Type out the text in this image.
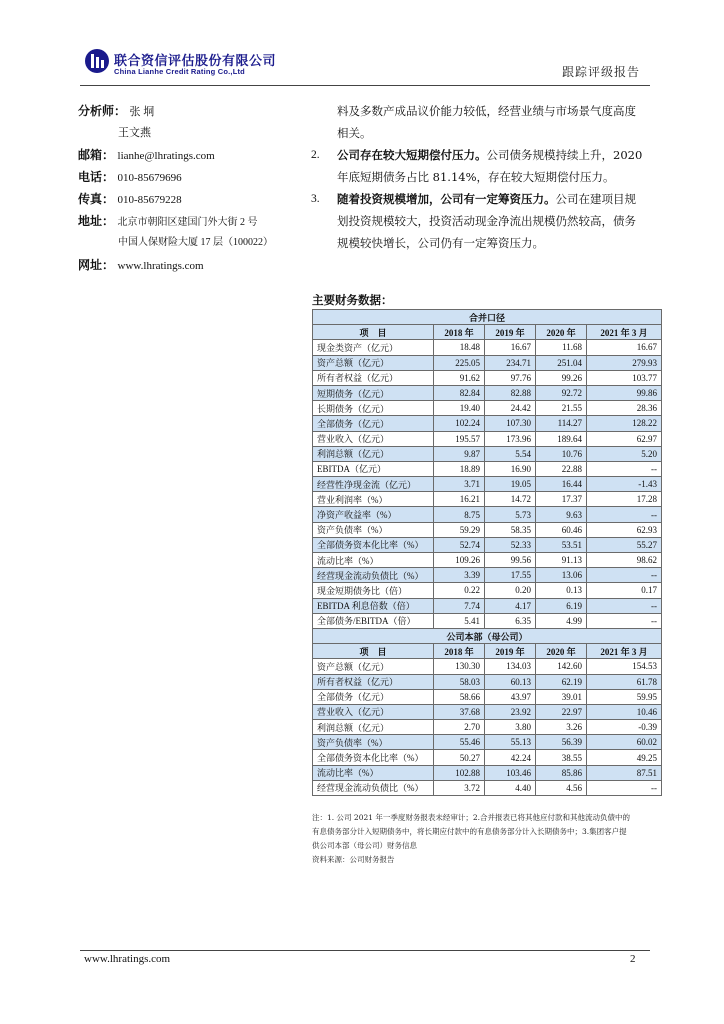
联合资信评估股份有限公司
China Lianhe Credit Rating Co.,Ltd	跟踪评级报告
分析师： 张 垌
王文燕
邮箱： lianhe@lhratings.com
电话： 010-85679696
传真： 010-85679228
地址： 北京市朝阳区建国门外大街 2 号
中国人保财险大厦 17 层（100022）
网址： www.lhratings.com
料及多数产成品议价能力较低，经营业绩与市场景气度高度相关。
2. 公司存在较大短期偿付压力。公司债务规模持续上升，2020 年底短期债务占比 81.14%，存在较大短期偿付压力。
3. 随着投资规模增加，公司有一定筹资压力。公司在建项目规划投资规模较大，投资活动现金净流出规模仍然较高，债务规模较快增长，公司仍有一定筹资压力。
主要财务数据：
合并口径				
项　目	2018 年	2019 年	2020 年	2021 年 3 月
现金类资产（亿元）	18.48	16.67	11.68	16.67
资产总额（亿元）	225.05	234.71	251.04	279.93
所有者权益（亿元）	91.62	97.76	99.26	103.77
短期债务（亿元）	82.84	82.88	92.72	99.86
长期债务（亿元）	19.40	24.42	21.55	28.36
全部债务（亿元）	102.24	107.30	114.27	128.22
营业收入（亿元）	195.57	173.96	189.64	62.97
利润总额（亿元）	9.87	5.54	10.76	5.20
EBITDA（亿元）	18.89	16.90	22.88	--
经营性净现金流（亿元）	3.71	19.05	16.44	-1.43
营业利润率（%）	16.21	14.72	17.37	17.28
净资产收益率（%）	8.75	5.73	9.63	--
资产负债率（%）	59.29	58.35	60.46	62.93
全部债务资本化比率（%）	52.74	52.33	53.51	55.27
流动比率（%）	109.26	99.56	91.13	98.62
经营现金流动负债比（%）	3.39	17.55	13.06	--
现金短期债务比（倍）	0.22	0.20	0.13	0.17
EBITDA 利息倍数（倍）	7.74	4.17	6.19	--
全部债务/EBITDA（倍）	5.41	6.35	4.99	--
公司本部（母公司）				
项　目	2018 年	2019 年	2020 年	2021 年 3 月
资产总额（亿元）	130.30	134.03	142.60	154.53
所有者权益（亿元）	58.03	60.13	62.19	61.78
全部债务（亿元）	58.66	43.97	39.01	59.95
营业收入（亿元）	37.68	23.92	22.97	10.46
利润总额（亿元）	2.70	3.80	3.26	-0.39
资产负债率（%）	55.46	55.13	56.39	60.02
全部债务资本化比率（%）	50.27	42.24	38.55	49.25
流动比率（%）	102.88	103.46	85.86	87.51
经营现金流动负债比（%）	3.72	4.40	4.56	--
注：1. 公司 2021 年一季度财务报表未经审计；2.合并报表已将其他应付款和其他流动负债中的
有息债务部分计入短期债务中，将长期应付款中的有息债务部分计入长期债务中；3.集团客户提
供公司本部（母公司）财务信息
资料来源：公司财务报告
www.lhratings.com	2
